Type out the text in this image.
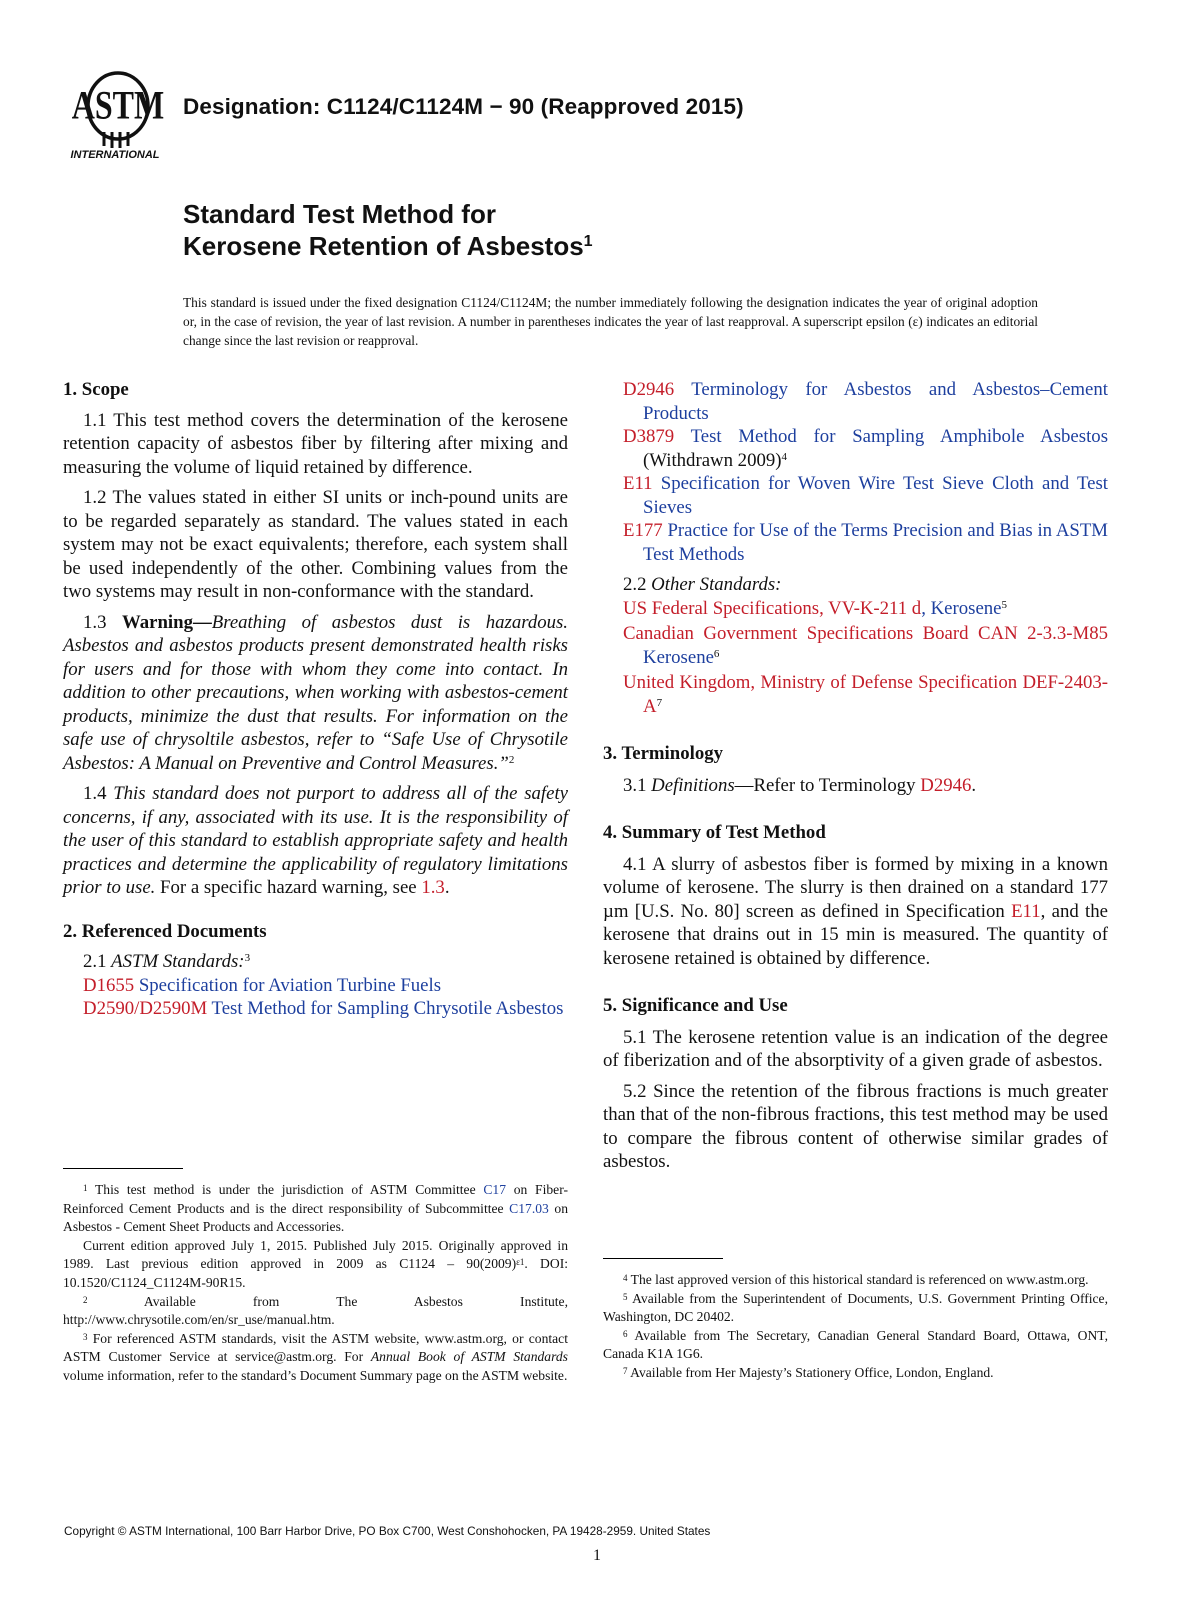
ASTM
INTERNATIONAL
Designation: C1124/C1124M − 90 (Reapproved 2015)
Standard Test Method for
Kerosene Retention of Asbestos$^1$
This standard is issued under the fixed designation C1124/C1124M; the number immediately following the designation indicates the year of original adoption or, in the case of revision, the year of last revision. A number in parentheses indicates the year of last reapproval. A superscript epsilon (ε) indicates an editorial change since the last revision or reapproval.

1. Scope

1.1 This test method covers the determination of the kerosene retention capacity of asbestos fiber by filtering after mixing and measuring the volume of liquid retained by difference.

1.2 The values stated in either SI units or inch-pound units are to be regarded separately as standard. The values stated in each system may not be exact equivalents; therefore, each system shall be used independently of the other. Combining values from the two systems may result in non-conformance with the standard.

1.3 Warning—Breathing of asbestos dust is hazardous. Asbestos and asbestos products present demonstrated health risks for users and for those with whom they come into contact. In addition to other precautions, when working with asbestos-cement products, minimize the dust that results. For information on the safe use of chrysoltile asbestos, refer to “Safe Use of Chrysotile Asbestos: A Manual on Preventive and Control Measures.”$^2$

1.4 This standard does not purport to address all of the safety concerns, if any, associated with its use. It is the responsibility of the user of this standard to establish appropriate safety and health practices and determine the applicability of regulatory limitations prior to use. For a specific hazard warning, see 1.3.

2. Referenced Documents

2.1 ASTM Standards:$^3$

D1655 Specification for Aviation Turbine Fuels

D2590/D2590M Test Method for Sampling Chrysotile Asbestos

$^1$ This test method is under the jurisdiction of ASTM Committee C17 on Fiber-Reinforced Cement Products and is the direct responsibility of Subcommittee C17.03 on Asbestos - Cement Sheet Products and Accessories.

Current edition approved July 1, 2015. Published July 2015. Originally approved in 1989. Last previous edition approved in 2009 as $C1124 - 90(2009)^{\varepsilon 1}$. DOI: 10.1520/C1124_C1124M-90R15.

$^2$ Available from The Asbestos Institute, http://www.chrysotile.com/en/sr_use/manual.htm.

$^3$ For referenced ASTM standards, visit the ASTM website, www.astm.org, or contact ASTM Customer Service at service@astm.org. For Annual Book of ASTM Standards volume information, refer to the standard’s Document Summary page on the ASTM website.

D2946 Terminology for Asbestos and Asbestos–Cement Products

D3879 Test Method for Sampling Amphibole Asbestos (Withdrawn 2009)$^4$

E11 Specification for Woven Wire Test Sieve Cloth and Test Sieves

E177 Practice for Use of the Terms Precision and Bias in ASTM Test Methods

2.2 Other Standards:

US Federal Specifications, VV-K-211 d, Kerosene$^5$

Canadian Government Specifications Board CAN 2-3.3-M85 Kerosene$^6$

United Kingdom, Ministry of Defense Specification DEF-$2403-A^7$

3. Terminology

3.1 Definitions—Refer to Terminology D2946.

4. Summary of Test Method

4.1 A slurry of asbestos fiber is formed by mixing in a known volume of kerosene. The slurry is then drained on a standard 177 µm [U.S. No. 80] screen as defined in Specification E11, and the kerosene that drains out in 15 min is measured. The quantity of kerosene retained is obtained by difference.

5. Significance and Use

5.1 The kerosene retention value is an indication of the degree of fiberization and of the absorptivity of a given grade of asbestos.

5.2 Since the retention of the fibrous fractions is much greater than that of the non-fibrous fractions, this test method may be used to compare the fibrous content of otherwise similar grades of asbestos.

$^4$ The last approved version of this historical standard is referenced on www.astm.org.

$^5$ Available from the Superintendent of Documents, U.S. Government Printing Office, Washington, DC 20402.

$^6$ Available from The Secretary, Canadian General Standard Board, Ottawa, ONT, Canada K1A 1G6.

$^7$ Available from Her Majesty’s Stationery Office, London, England.

Copyright © ASTM International, 100 Barr Harbor Drive, PO Box C700, West Conshohocken, PA 19428-2959. United States
1
